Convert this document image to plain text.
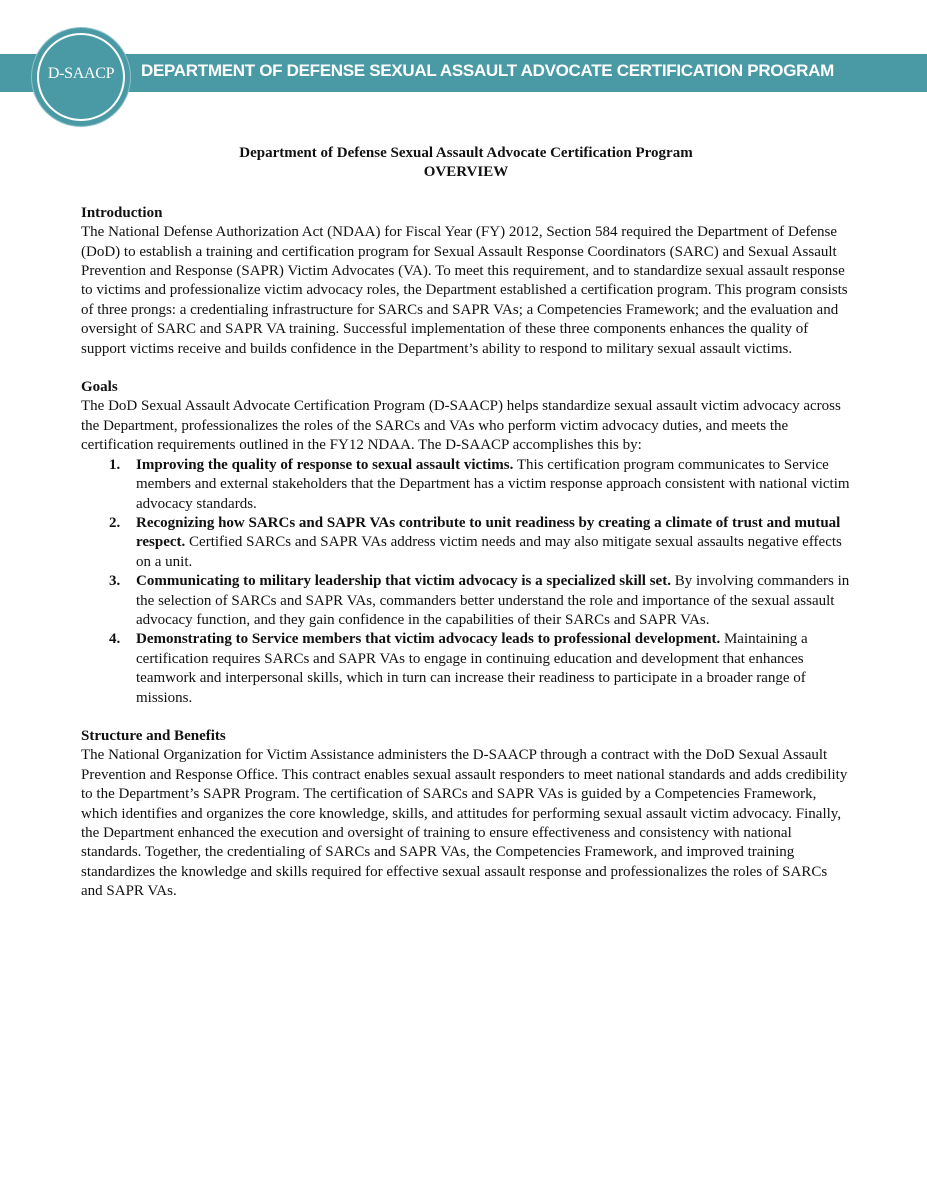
DEPARTMENT OF DEFENSE SEXUAL ASSAULT ADVOCATE CERTIFICATION PROGRAM
D-SAACP
Department of Defense Sexual Assault Advocate Certification Program
OVERVIEW

Introduction

The National Defense Authorization Act (NDAA) for Fiscal Year (FY) 2012, Section 584 required the Department of Defense (DoD) to establish a training and certification program for Sexual Assault Response Coordinators (SARC) and Sexual Assault Prevention and Response (SAPR) Victim Advocates (VA). To meet this requirement, and to standardize sexual assault response to victims and professionalize victim advocacy roles, the Department established a certification program. This program consists of three prongs: a credentialing infrastructure for SARCs and SAPR VAs; a Competencies Framework; and the evaluation and oversight of SARC and SAPR VA training. Successful implementation of these three components enhances the quality of support victims receive and builds confidence in the Department’s ability to respond to military sexual assault victims.

Goals

The DoD Sexual Assault Advocate Certification Program (D-SAACP) helps standardize sexual assault victim advocacy across the Department, professionalizes the roles of the SARCs and VAs who perform victim advocacy duties, and meets the certification requirements outlined in the FY12 NDAA. The D-SAACP accomplishes this by:

1. Improving the quality of response to sexual assault victims. This certification program communicates to Service members and external stakeholders that the Department has a victim response approach consistent with national victim advocacy standards.
2. Recognizing how SARCs and SAPR VAs contribute to unit readiness by creating a climate of trust and mutual respect. Certified SARCs and SAPR VAs address victim needs and may also mitigate sexual assaults negative effects on a unit.
3. Communicating to military leadership that victim advocacy is a specialized skill set. By involving commanders in the selection of SARCs and SAPR VAs, commanders better understand the role and importance of the sexual assault advocacy function, and they gain confidence in the capabilities of their SARCs and SAPR VAs.
4. Demonstrating to Service members that victim advocacy leads to professional development. Maintaining a certification requires SARCs and SAPR VAs to engage in continuing education and development that enhances teamwork and interpersonal skills, which in turn can increase their readiness to participate in a broader range of missions.

Structure and Benefits

The National Organization for Victim Assistance administers the D-SAACP through a contract with the DoD Sexual Assault Prevention and Response Office. This contract enables sexual assault responders to meet national standards and adds credibility to the Department’s SAPR Program. The certification of SARCs and SAPR VAs is guided by a Competencies Framework, which identifies and organizes the core knowledge, skills, and attitudes for performing sexual assault victim advocacy. Finally, the Department enhanced the execution and oversight of training to ensure effectiveness and consistency with national standards. Together, the credentialing of SARCs and SAPR VAs, the Competencies Framework, and improved training standardizes the knowledge and skills required for effective sexual assault response and professionalizes the roles of SARCs and SAPR VAs.
